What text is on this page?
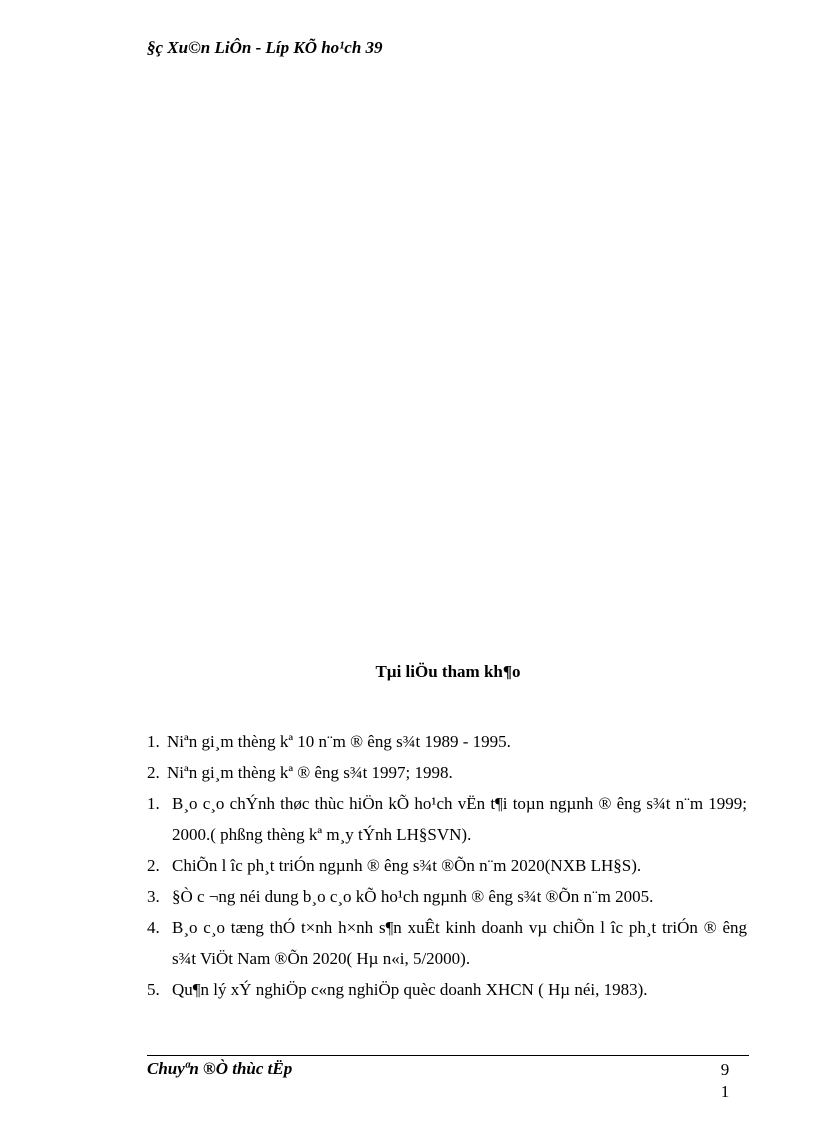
§ç Xu©n LiÔn - Líp KÕ ho¹ch 39
Tµi liÖu tham kh¶o
1. Niªn gi¸m thèng kª 10 n¨m ® êng s¾t 1989 - 1995.
2. Niªn gi¸m thèng kª ® êng s¾t 1997; 1998.
1. B¸o c¸o chÝnh thøc thùc hiÖn kÕ ho¹ch vËn t¶i toµn ngµnh ® êng s¾t n¨m 1999; 2000.( phßng thèng kª m¸y tÝnh LH§SVN).
2. ChiÕn l îc ph¸t triÓn ngµnh ® êng s¾t ®Õn n¨m 2020(NXB LH§S).
3. §Ò c ¬ng néi dung b¸o c¸o kÕ ho¹ch ngµnh ® êng s¾t ®Õn n¨m 2005.
4. B¸o c¸o tæng thÓ t×nh h×nh s¶n xuÊt kinh doanh vµ chiÕn l îc ph¸t triÓn ® êng s¾t ViÖt Nam ®Õn 2020( Hµ n«i, 5/2000).
5. Qu¶n lý xÝ nghiÖp c«ng nghiÖp quèc doanh XHCN ( Hµ néi, 1983).
Chuyªn ®Ò thùc tËp	9
1
